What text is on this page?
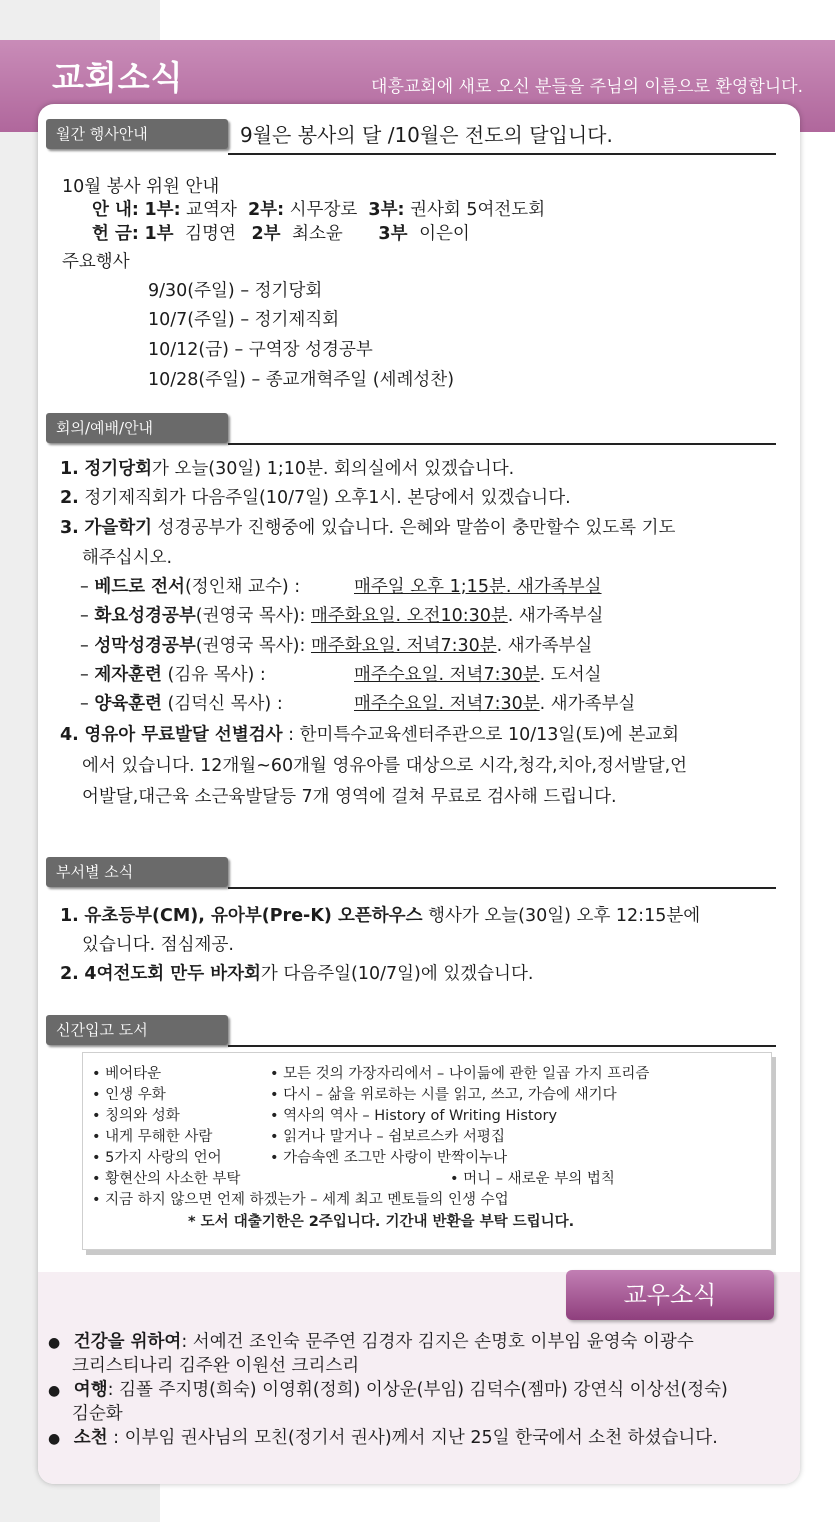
교회소식	대흥교회에 새로 오신 분들을 주님의 이름으로 환영합니다.
월간 행사안내	9월은 봉사의 달 /10월은 전도의 달입니다.
10월 봉사 위원 안내
안 내: 1부: 교역자 2부: 시무장로 3부: 권사회 5여전도회
헌 금: 1부 김명연 2부 최소윤 3부 이은이
주요행사
9/30(주일) – 정기당회
10/7(주일) – 정기제직회
10/12(금) – 구역장 성경공부
10/28(주일) – 종교개혁주일 (세례성찬)
회의/예배/안내
1. 정기당회가 오늘(30일) 1;10분. 회의실에서 있겠습니다.
2. 정기제직회가 다음주일(10/7일) 오후1시. 본당에서 있겠습니다.
3. 가을학기 성경공부가 진행중에 있습니다. 은혜와 말씀이 충만할수 있도록 기도
해주십시오.
– 베드로 전서(정인채 교수) :	매주일 오후 1;15분. 새가족부실
– 화요성경공부(권영국 목사): 매주화요일. 오전10:30분. 새가족부실
– 성막성경공부(권영국 목사): 매주화요일. 저녁7:30분. 새가족부실
– 제자훈련 (김유 목사) :	매주수요일. 저녁7:30분. 도서실
– 양육훈련 (김덕신 목사) :	매주수요일. 저녁7:30분. 새가족부실
4. 영유아 무료발달 선별검사 : 한미특수교육센터주관으로 10/13일(토)에 본교회
에서 있습니다. 12개월~60개월 영유아를 대상으로 시각,청각,치아,정서발달,언
어발달,대근육 소근육발달등 7개 영역에 걸쳐 무료로 검사해 드립니다.
부서별 소식
1. 유초등부(CM), 유아부(Pre-K) 오픈하우스 행사가 오늘(30일) 오후 12:15분에
있습니다. 점심제공.
2. 4여전도회 만두 바자회가 다음주일(10/7일)에 있겠습니다.
신간입고 도서
• 베어타운
• 인생 우화
• 칭의와 성화
• 내게 무해한 사람
• 5가지 사랑의 언어
• 황현산의 사소한 부탁
• 모든 것의 가장자리에서 – 나이듦에 관한 일곱 가지 프리즘
• 다시 – 삶을 위로하는 시를 읽고, 쓰고, 가슴에 새기다
• 역사의 역사 – History of Writing History
• 읽거나 말거나 – 쉼보르스카 서평집
• 가슴속엔 조그만 사랑이 반짝이누나
• 머니 – 새로운 부의 법칙
• 지금 하지 않으면 언제 하겠는가 – 세계 최고 멘토들의 인생 수업
* 도서 대출기한은 2주입니다. 기간내 반환을 부탁 드립니다.
교우소식
● 건강을 위하여: 서예건 조인숙 문주연 김경자 김지은 손명호 이부임 윤영숙 이광수
크리스티나리 김주완 이원선 크리스리
● 여행: 김폴 주지명(희숙) 이영휘(정희) 이상운(부임) 김덕수(젬마) 강연식 이상선(정숙)
김순화
● 소천 : 이부임 권사님의 모친(정기서 권사)께서 지난 25일 한국에서 소천 하셨습니다.
